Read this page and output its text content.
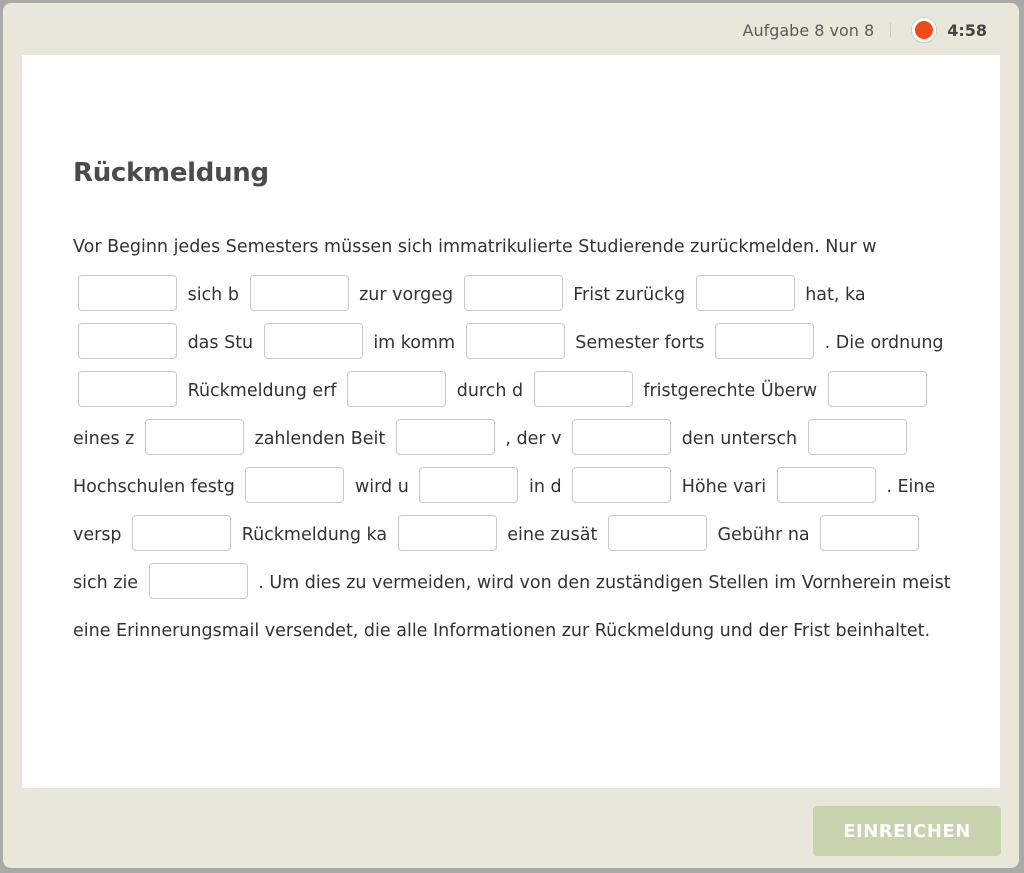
Aufgabe 8 von 8	4:58
Rückmeldung
Vor Beginn jedes Semesters müssen sich immatrikulierte Studierende zurückmelden. Nur w  sich b	zur vorgeg	Frist zurückg	hat, ka  das Stu	im komm	Semester forts	. Die ordnung  Rückmeldung erf	durch d	fristgerechte Überw  eines z	zahlenden Beit	, der v	den untersch  Hochschulen festg	wird u	in d	Höhe vari	. Eine versp	Rückmeldung ka	eine zusät	Gebühr na  sich zie	. Um dies zu vermeiden, wird von den zuständigen Stellen im Vornherein meist eine Erinnerungsmail versendet, die alle Informationen zur Rückmeldung und der Frist beinhaltet.
EINREICHEN
